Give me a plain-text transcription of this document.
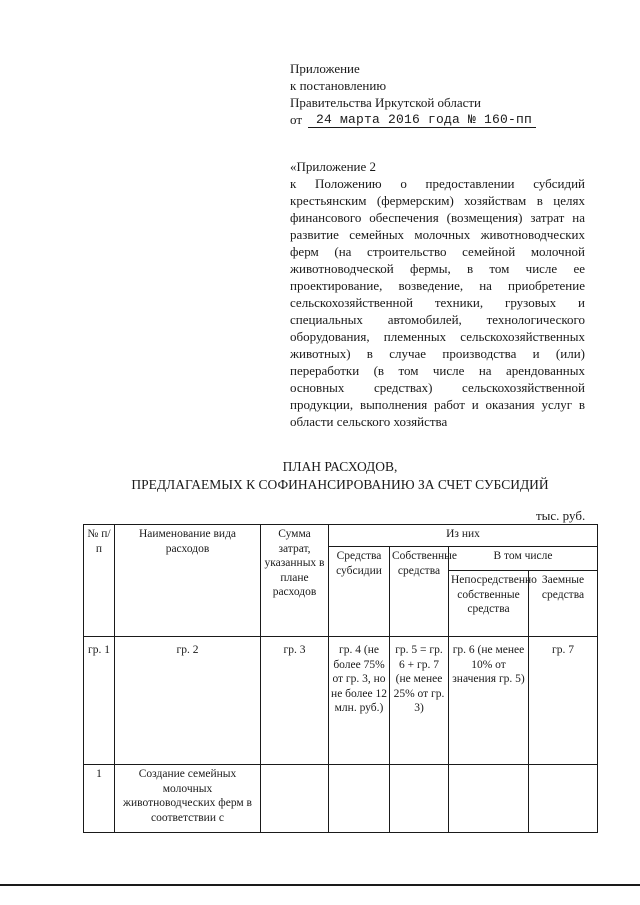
Приложение
к постановлению
Правительства Иркутской области
от	24 марта 2016 года № 160-пп
«Приложение 2
к Положению о предоставлении субсидий крестьянским (фермерским) хозяйствам в целях финансового обеспечения (возмещения) затрат на развитие семейных молочных животноводческих ферм (на строительство семейной молочной животноводческой фермы, в том числе ее проектирование, возведение, на приобретение сельскохозяйственной техники, грузовых и специальных автомобилей, технологического оборудования, племенных сельскохозяйственных животных) в случае производства и (или) переработки (в том числе на арендованных основных средствах) сельскохозяйственной продукции, выполнения работ и оказания услуг в области сельского хозяйства
ПЛАН РАСХОДОВ,
ПРЕДЛАГАЕМЫХ К СОФИНАНСИРОВАНИЮ ЗА СЧЕТ СУБСИДИЙ
тыс. руб.
№ п/п	Наименование вида расходов	Сумма затрат, указанных в плане расходов	Из них			
			Средства субсидии	Собственные средства	В том числе	
					Непосредственно собственные средства	Заемные средства
гр. 1	гр. 2	гр. 3	гр. 4 (не более 75% от гр. 3, но не более 12 млн. руб.)	гр. 5 = гр. 6 + гр. 7 (не менее 25% от гр. 3)	гр. 6 (не менее 10% от значения гр. 5)	гр. 7
1	Создание семейных молочных животноводческих ферм в соответствии с					
